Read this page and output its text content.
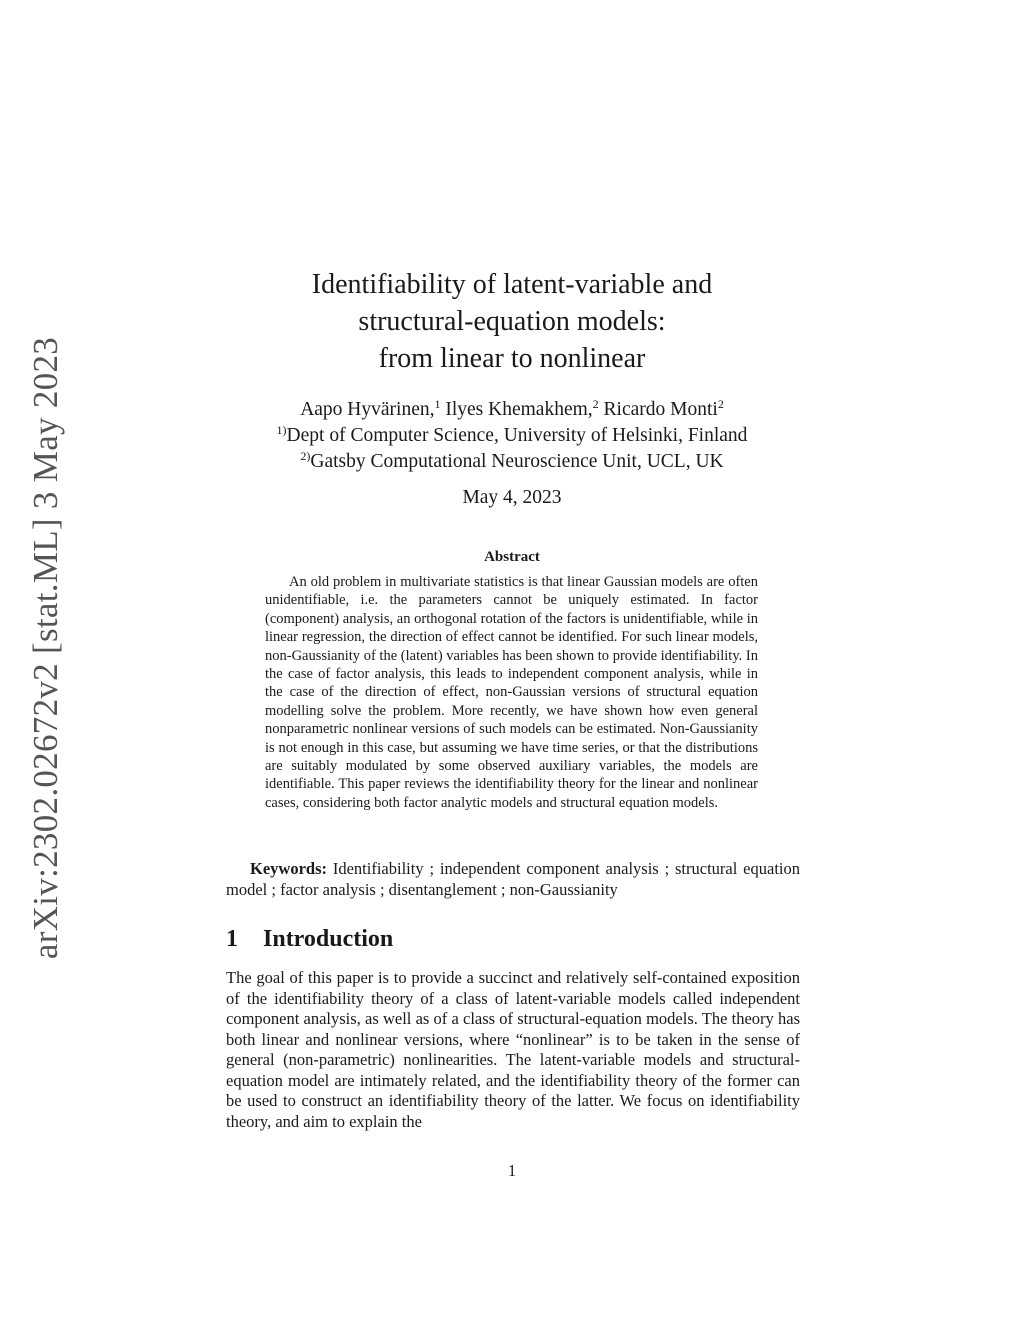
arXiv:2302.02672v2 [stat.ML] 3 May 2023
Identifiability of latent-variable and
structural-equation models:
from linear to nonlinear
Aapo Hyvärinen,$^1$ Ilyes Khemakhem,$^2$ Ricardo Monti$^2$
$^{1)}$Dept of Computer Science, University of Helsinki, Finland
$^{2)}$Gatsby Computational Neuroscience Unit, UCL, UK
May 4, 2023
Abstract
An old problem in multivariate statistics is that linear Gaussian models are often unidentifiable, i.e. the parameters cannot be uniquely estimated. In factor (component) analysis, an orthogonal rotation of the factors is unidentifiable, while in linear regression, the direction of effect cannot be identified. For such linear models, non-Gaussianity of the (latent) variables has been shown to provide identifiability. In the case of factor analysis, this leads to independent component analysis, while in the case of the direction of effect, non-Gaussian versions of structural equation modelling solve the problem. More recently, we have shown how even general nonparametric nonlinear versions of such models can be estimated. Non-Gaussianity is not enough in this case, but assuming we have time series, or that the distributions are suitably modulated by some observed auxiliary variables, the models are identifiable. This paper reviews the identifiability theory for the linear and nonlinear cases, considering both factor analytic models and structural equation models.
Keywords: Identifiability ; independent component analysis ; structural equation model ; factor analysis ; disentanglement ; non-Gaussianity
1 Introduction
The goal of this paper is to provide a succinct and relatively self-contained exposition of the identifiability theory of a class of latent-variable models called independent component analysis, as well as of a class of structural-equation models. The theory has both linear and nonlinear versions, where “nonlinear” is to be taken in the sense of general (non-parametric) nonlinearities. The latent-variable models and structural-equation model are intimately related, and the identifiability theory of the former can be used to construct an identifiability theory of the latter. We focus on identifiability theory, and aim to explain the
1
